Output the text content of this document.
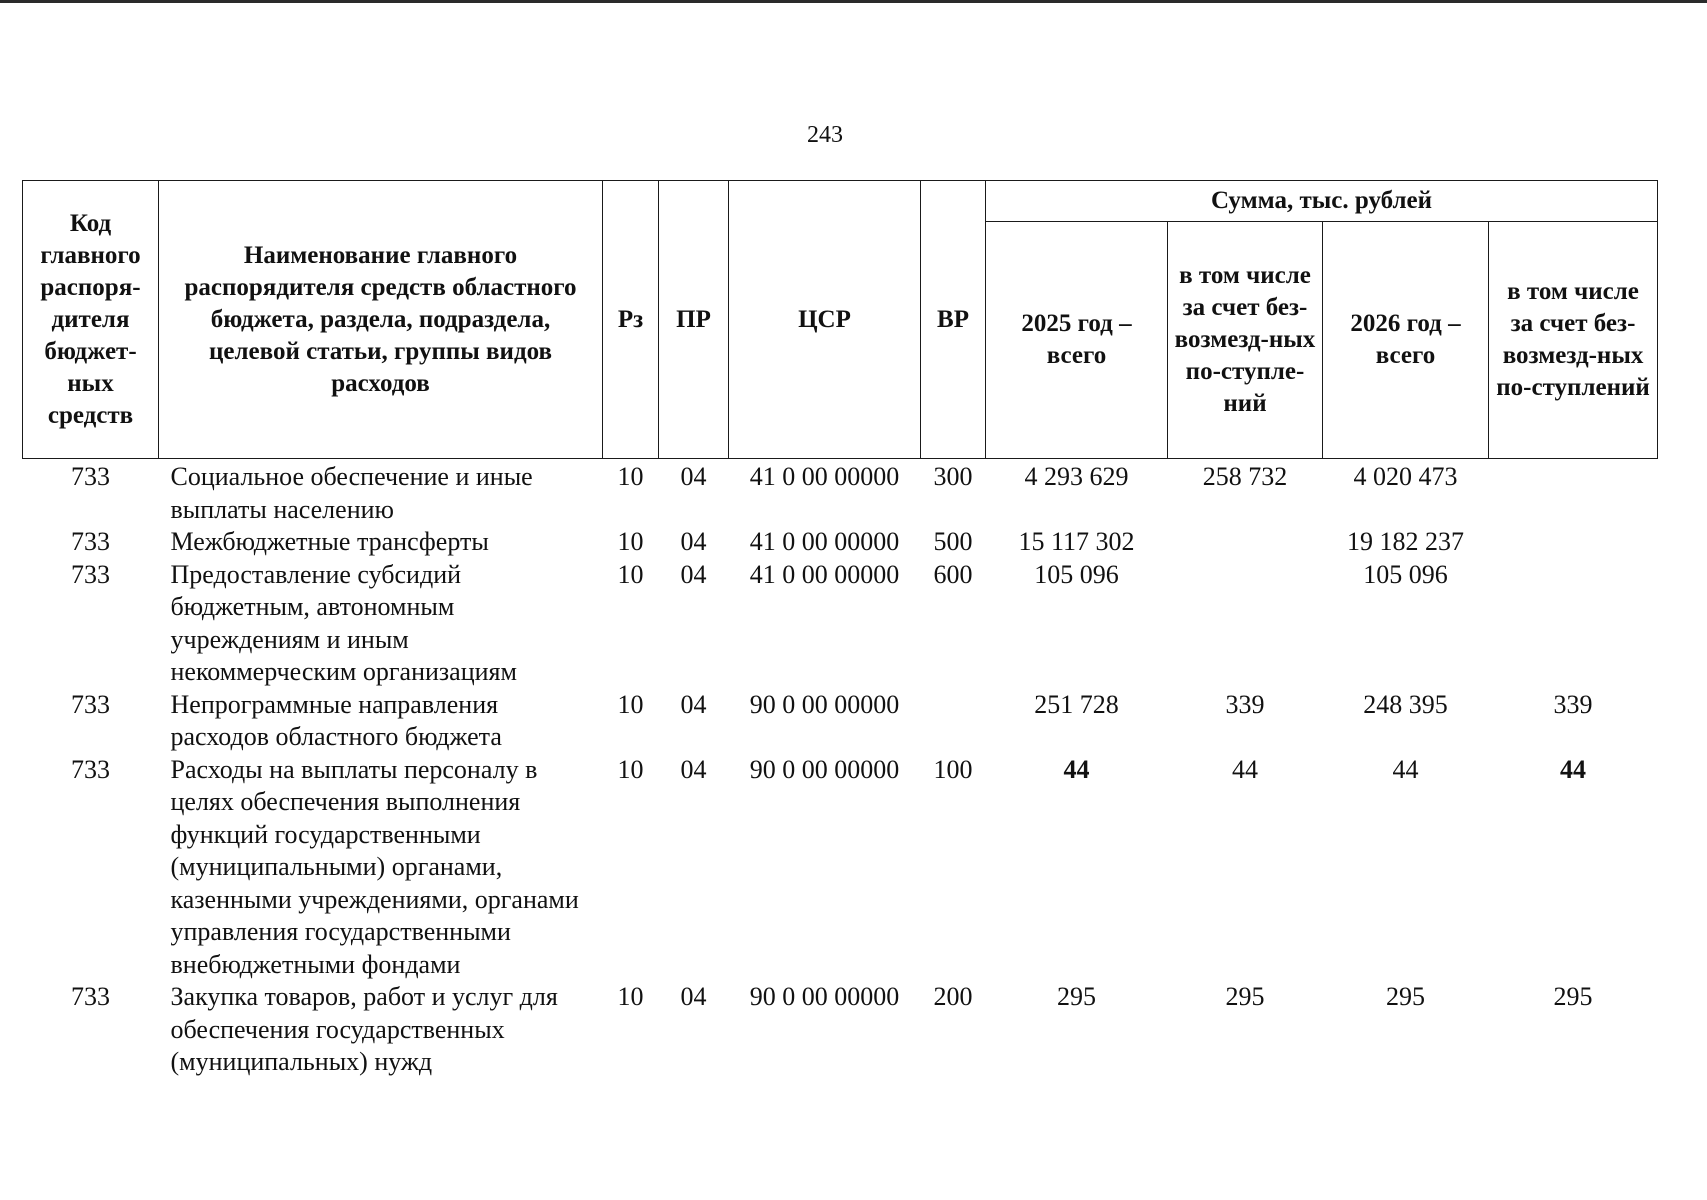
243
Код главного распоря-дителя бюджет-ных средств	Наименование главного распорядителя средств областного бюджета, раздела, подраздела, целевой статьи, группы видов расходов	Рз	ПР	ЦСР	ВР	Сумма, тыс. рублей			
						2025 год – всего	в том числе за счет без-возмезд-ных по-ступле-ний	2026 год – всего	в том числе за счет без-возмезд-ных по-ступлений
733	Социальное обеспечение и иные выплаты населению	10	04	41 0 00 00000	300	4 293 629	258 732	4 020 473	
733	Межбюджетные трансферты	10	04	41 0 00 00000	500	15 117 302		19 182 237	
733	Предоставление субсидий бюджетным, автономным учреждениям и иным некоммерческим организациям	10	04	41 0 00 00000	600	105 096		105 096	
733	Непрограммные направления расходов областного бюджета	10	04	90 0 00 00000		251 728	339	248 395	339
733	Расходы на выплаты персоналу в целях обеспечения выполнения функций государственными (муниципальными) органами, казенными учреждениями, органами управления государственными внебюджетными фондами	10	04	90 0 00 00000	100	44	44	44	44
733	Закупка товаров, работ и услуг для обеспечения государственных (муниципальных) нужд	10	04	90 0 00 00000	200	295	295	295	295
